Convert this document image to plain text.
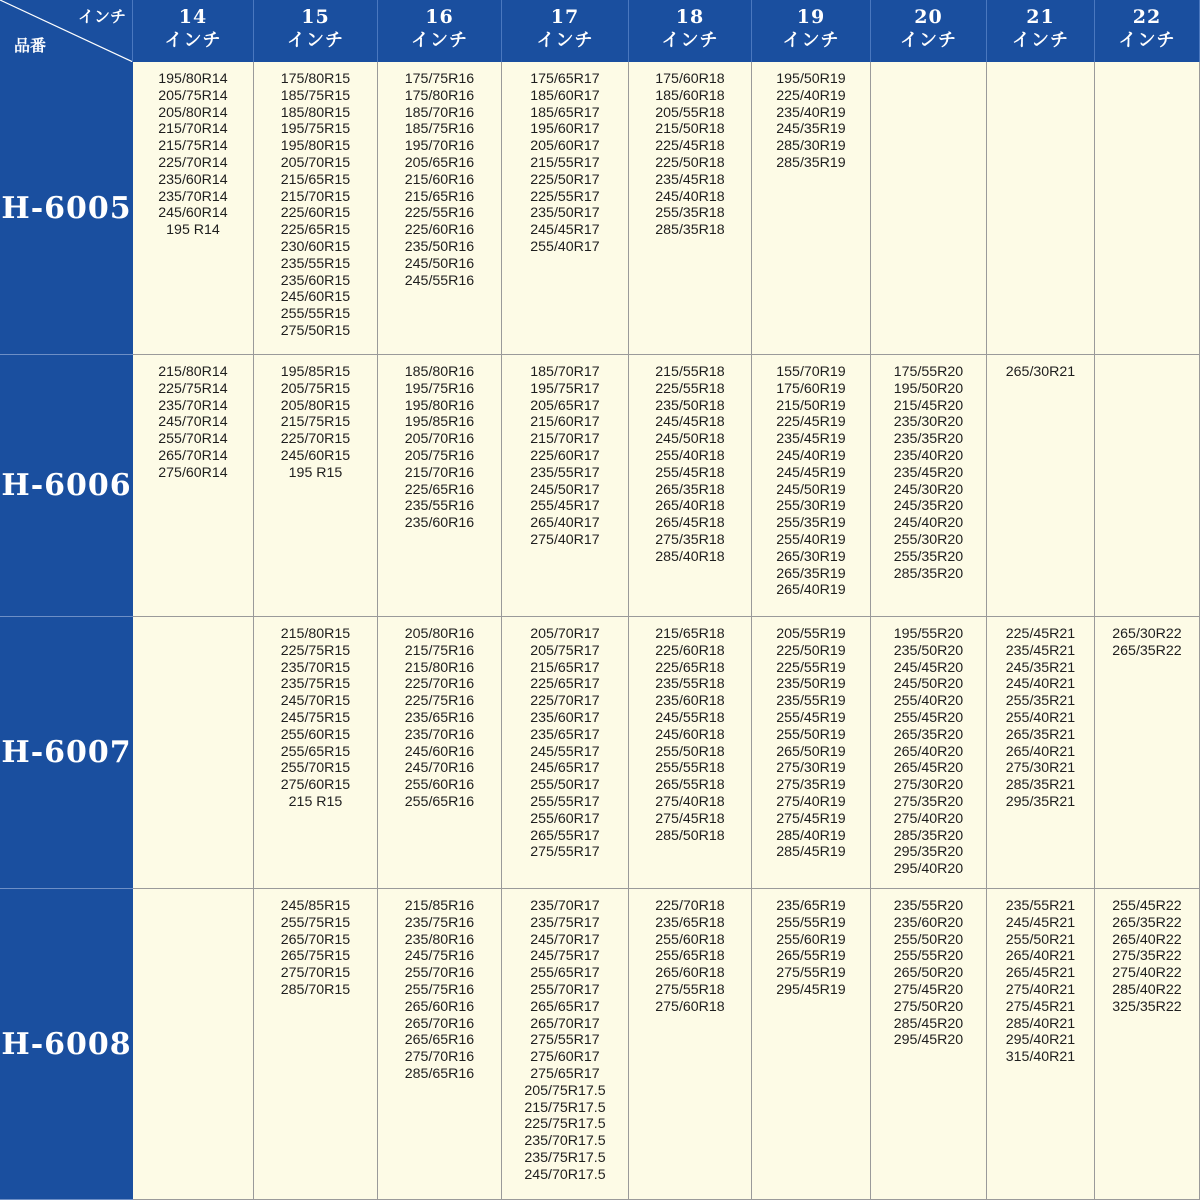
インチ
品番
14
インチ
15
インチ
16
インチ
17
インチ
18
インチ
19
インチ
20
インチ
21
インチ
22
インチ
H-6005
195/80R14
205/75R14
205/80R14
215/70R14
215/75R14
225/70R14
235/60R14
235/70R14
245/60R14
195 R14
175/80R15
185/75R15
185/80R15
195/75R15
195/80R15
205/70R15
215/65R15
215/70R15
225/60R15
225/65R15
230/60R15
235/55R15
235/60R15
245/60R15
255/55R15
275/50R15
175/75R16
175/80R16
185/70R16
185/75R16
195/70R16
205/65R16
215/60R16
215/65R16
225/55R16
225/60R16
235/50R16
245/50R16
245/55R16
175/65R17
185/60R17
185/65R17
195/60R17
205/60R17
215/55R17
225/50R17
225/55R17
235/50R17
245/45R17
255/40R17
175/60R18
185/60R18
205/55R18
215/50R18
225/45R18
225/50R18
235/45R18
245/40R18
255/35R18
285/35R18
195/50R19
225/40R19
235/40R19
245/35R19
285/30R19
285/35R19
H-6006
215/80R14
225/75R14
235/70R14
245/70R14
255/70R14
265/70R14
275/60R14
195/85R15
205/75R15
205/80R15
215/75R15
225/70R15
245/60R15
195 R15
185/80R16
195/75R16
195/80R16
195/85R16
205/70R16
205/75R16
215/70R16
225/65R16
235/55R16
235/60R16
185/70R17
195/75R17
205/65R17
215/60R17
215/70R17
225/60R17
235/55R17
245/50R17
255/45R17
265/40R17
275/40R17
215/55R18
225/55R18
235/50R18
245/45R18
245/50R18
255/40R18
255/45R18
265/35R18
265/40R18
265/45R18
275/35R18
285/40R18
155/70R19
175/60R19
215/50R19
225/45R19
235/45R19
245/40R19
245/45R19
245/50R19
255/30R19
255/35R19
255/40R19
265/30R19
265/35R19
265/40R19
175/55R20
195/50R20
215/45R20
235/30R20
235/35R20
235/40R20
235/45R20
245/30R20
245/35R20
245/40R20
255/30R20
255/35R20
285/35R20
265/30R21
H-6007
215/80R15
225/75R15
235/70R15
235/75R15
245/70R15
245/75R15
255/60R15
255/65R15
255/70R15
275/60R15
215 R15
205/80R16
215/75R16
215/80R16
225/70R16
225/75R16
235/65R16
235/70R16
245/60R16
245/70R16
255/60R16
255/65R16
205/70R17
205/75R17
215/65R17
225/65R17
225/70R17
235/60R17
235/65R17
245/55R17
245/65R17
255/50R17
255/55R17
255/60R17
265/55R17
275/55R17
215/65R18
225/60R18
225/65R18
235/55R18
235/60R18
245/55R18
245/60R18
255/50R18
255/55R18
265/55R18
275/40R18
275/45R18
285/50R18
205/55R19
225/50R19
225/55R19
235/50R19
235/55R19
255/45R19
255/50R19
265/50R19
275/30R19
275/35R19
275/40R19
275/45R19
285/40R19
285/45R19
195/55R20
235/50R20
245/45R20
245/50R20
255/40R20
255/45R20
265/35R20
265/40R20
265/45R20
275/30R20
275/35R20
275/40R20
285/35R20
295/35R20
295/40R20
225/45R21
235/45R21
245/35R21
245/40R21
255/35R21
255/40R21
265/35R21
265/40R21
275/30R21
285/35R21
295/35R21
265/30R22
265/35R22
H-6008
245/85R15
255/75R15
265/70R15
265/75R15
275/70R15
285/70R15
215/85R16
235/75R16
235/80R16
245/75R16
255/70R16
255/75R16
265/60R16
265/70R16
265/65R16
275/70R16
285/65R16
235/70R17
235/75R17
245/70R17
245/75R17
255/65R17
255/70R17
265/65R17
265/70R17
275/55R17
275/60R17
275/65R17
205/75R17.5
215/75R17.5
225/75R17.5
235/70R17.5
235/75R17.5
245/70R17.5
225/70R18
235/65R18
255/60R18
255/65R18
265/60R18
275/55R18
275/60R18
235/65R19
255/55R19
255/60R19
265/55R19
275/55R19
295/45R19
235/55R20
235/60R20
255/50R20
255/55R20
265/50R20
275/45R20
275/50R20
285/45R20
295/45R20
235/55R21
245/45R21
255/50R21
265/40R21
265/45R21
275/40R21
275/45R21
285/40R21
295/40R21
315/40R21
255/45R22
265/35R22
265/40R22
275/35R22
275/40R22
285/40R22
325/35R22
